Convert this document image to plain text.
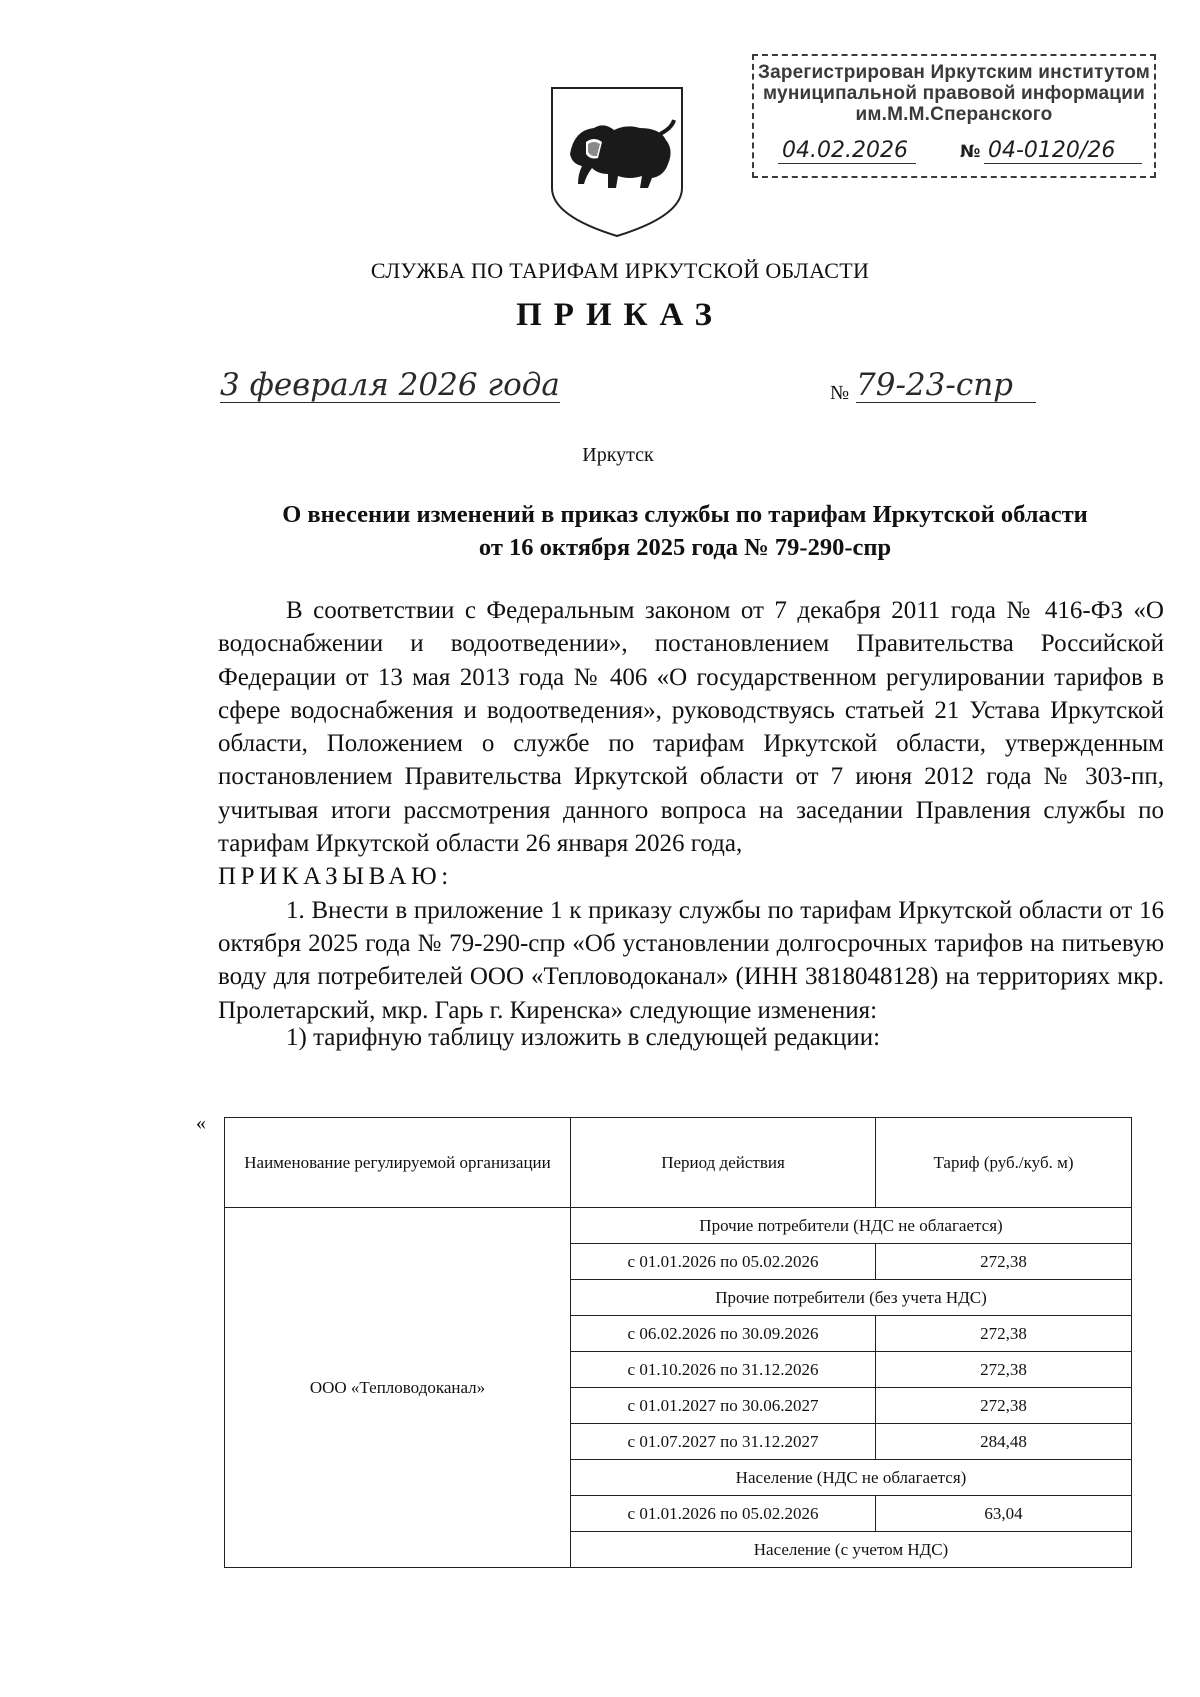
Зарегистрирован Иркутским институтом
муниципальной правовой информации
им.М.М.Сперанского
04.02.2026	№ 04-0120/26
СЛУЖБА ПО ТАРИФАМ ИРКУТСКОЙ ОБЛАСТИ
ПРИКАЗ
3 февраля 2026 года	№ 79-23-спр
Иркутск
О внесении изменений в приказ службы по тарифам Иркутской области
от 16 октября 2025 года № 79-290-спр

В соответствии с Федеральным законом от 7 декабря 2011 года № 416-ФЗ «О водоснабжении и водоотведении», постановлением Правительства Российской Федерации от 13 мая 2013 года № 406 «О государственном регулировании тарифов в сфере водоснабжения и водоотведения», руководствуясь статьей 21 Устава Иркутской области, Положением о службе по тарифам Иркутской области, утвержденным постановлением Правительства Иркутской области от 7 июня 2012 года № 303-пп, учитывая итоги рассмотрения данного вопроса на заседании Правления службы по тарифам Иркутской области 26 января 2026 года,

ПРИКАЗЫВАЮ:

1. Внести в приложение 1 к приказу службы по тарифам Иркутской области от 16 октября 2025 года № 79-290-спр «Об установлении долгосрочных тарифов на питьевую воду для потребителей ООО «Тепловодоканал» (ИНН 3818048128) на территориях мкр. Пролетарский, мкр. Гарь г. Киренска» следующие изменения:

1) тарифную таблицу изложить в следующей редакции:

«
Наименование регулируемой организации	Период действия	Тариф (руб./куб. м)
ООО «Тепловодоканал»	Прочие потребители (НДС не облагается)	
	с 01.01.2026 по 05.02.2026	272,38
	Прочие потребители (без учета НДС)	
	с 06.02.2026 по 30.09.2026	272,38
	с 01.10.2026 по 31.12.2026	272,38
	с 01.01.2027 по 30.06.2027	272,38
	с 01.07.2027 по 31.12.2027	284,48
	Население (НДС не облагается)	
	с 01.01.2026 по 05.02.2026	63,04
	Население (с учетом НДС)	
